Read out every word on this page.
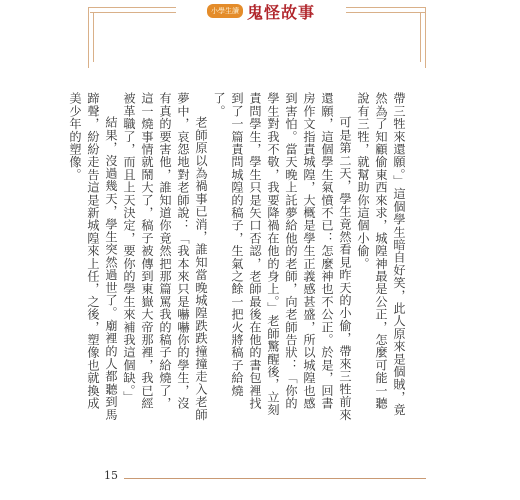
小學生讀 鬼怪故事

帶三牲來還願。」這個學生暗自好笑，此人原來是個賊，竟然為了知顧偷東西來求，城隍神最是公正，怎麼可能一聽說有三牲，就幫助你這個小偷。

可是第二天，學生竟然看見昨天的小偷，帶來三牲前來還願，這個學生氣憤不已：怎麼神也不公正。於是，回書房作文指責城隍，大概是學生正義感甚盛，所以城隍也感到害怕。當天晚上託夢給他的老師，向老師告狀：「你的學生對我不敬，我要降禍在他的身上。」老師驚醒後，立刻責問學生，學生只是矢口否認，老師最後在他的書包裡找到了一篇責問城隍的稿子，生氣之餘一把火將稿子給燒了。

老師原以為禍事已消，誰知當晚城隍跌跌撞撞走入老師夢中，哀怨地對老師說：「我本來只是嚇嚇你的學生，沒有真的要害他，誰知道你竟然把那篇罵我的稿子給燒了，這一燒事情就鬧大了，稿子被傳到東嶽大帝那裡，我已經被革職了，而且上天決定，要你的學生來補我這個缺。」

結果，沒過幾天，學生突然過世了。廟裡的人都聽到馬蹄聲，紛紛走告這是新城隍來上任，之後，塑像也就換成美少年的塑像。

15
